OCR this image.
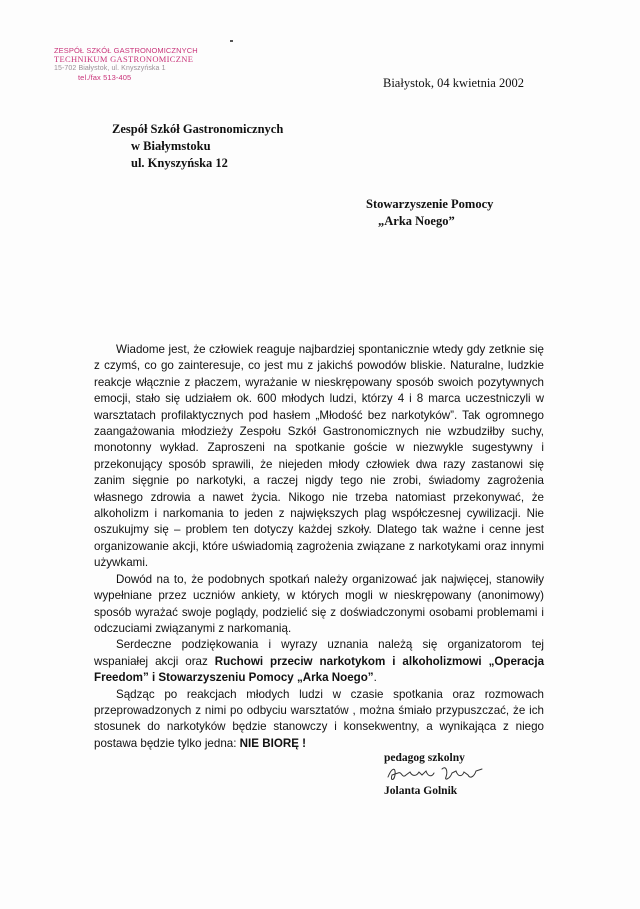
ZESPÓŁ SZKÓŁ GASTRONOMICZNYCH
TECHNIKUM GASTRONOMICZNE
15-702 Białystok, ul. Knyszyńska 1
tel./fax 513-405	Białystok, 04 kwietnia 2002
Zespół Szkół Gastronomicznych
w Białymstoku
ul. Knyszyńska 12
Stowarzyszenie Pomocy
„Arka Noego”

Wiadome jest, że człowiek reaguje najbardziej spontanicznie wtedy gdy zetknie się z czymś, co go zainteresuje, co jest mu z jakichś powodów bliskie. Naturalne, ludzkie reakcje włącznie z płaczem, wyrażanie w nieskrępowany sposób swoich pozytywnych emocji, stało się udziałem ok. 600 młodych ludzi, którzy 4 i 8 marca uczestniczyli w warsztatach profilaktycznych pod hasłem „Młodość bez narkotyków”. Tak ogromnego zaangażowania młodzieży Zespołu Szkół Gastronomicznych nie wzbudziłby suchy, monotonny wykład. Zaproszeni na spotkanie goście w niezwykle sugestywny i przekonujący sposób sprawili, że niejeden młody człowiek dwa razy zastanowi się zanim sięgnie po narkotyki, a raczej nigdy tego nie zrobi, świadomy zagrożenia własnego zdrowia a nawet życia. Nikogo nie trzeba natomiast przekonywać, że alkoholizm i narkomania to jeden z największych plag współczesnej cywilizacji. Nie oszukujmy się – problem ten dotyczy każdej szkoły. Dlatego tak ważne i cenne jest organizowanie akcji, które uświadomią zagrożenia związane z narkotykami oraz innymi używkami.

Dowód na to, że podobnych spotkań należy organizować jak najwięcej, stanowiły wypełniane przez uczniów ankiety, w których mogli w nieskrępowany (anonimowy) sposób wyrażać swoje poglądy, podzielić się z doświadczonymi osobami problemami i odczuciami związanymi z narkomanią.

Serdeczne podziękowania i wyrazy uznania należą się organizatorom tej wspaniałej akcji oraz Ruchowi przeciw narkotykom i alkoholizmowi „Operacja Freedom” i Stowarzyszeniu Pomocy „Arka Noego”.

Sądząc po reakcjach młodych ludzi w czasie spotkania oraz rozmowach przeprowadzonych z nimi po odbyciu warsztatów , można śmiało przypuszczać, że ich stosunek do narkotyków będzie stanowczy i konsekwentny, a wynikająca z niego postawa będzie tylko jedna: NIE BIORĘ !

pedagog szkolny
Jolanta Golnik
